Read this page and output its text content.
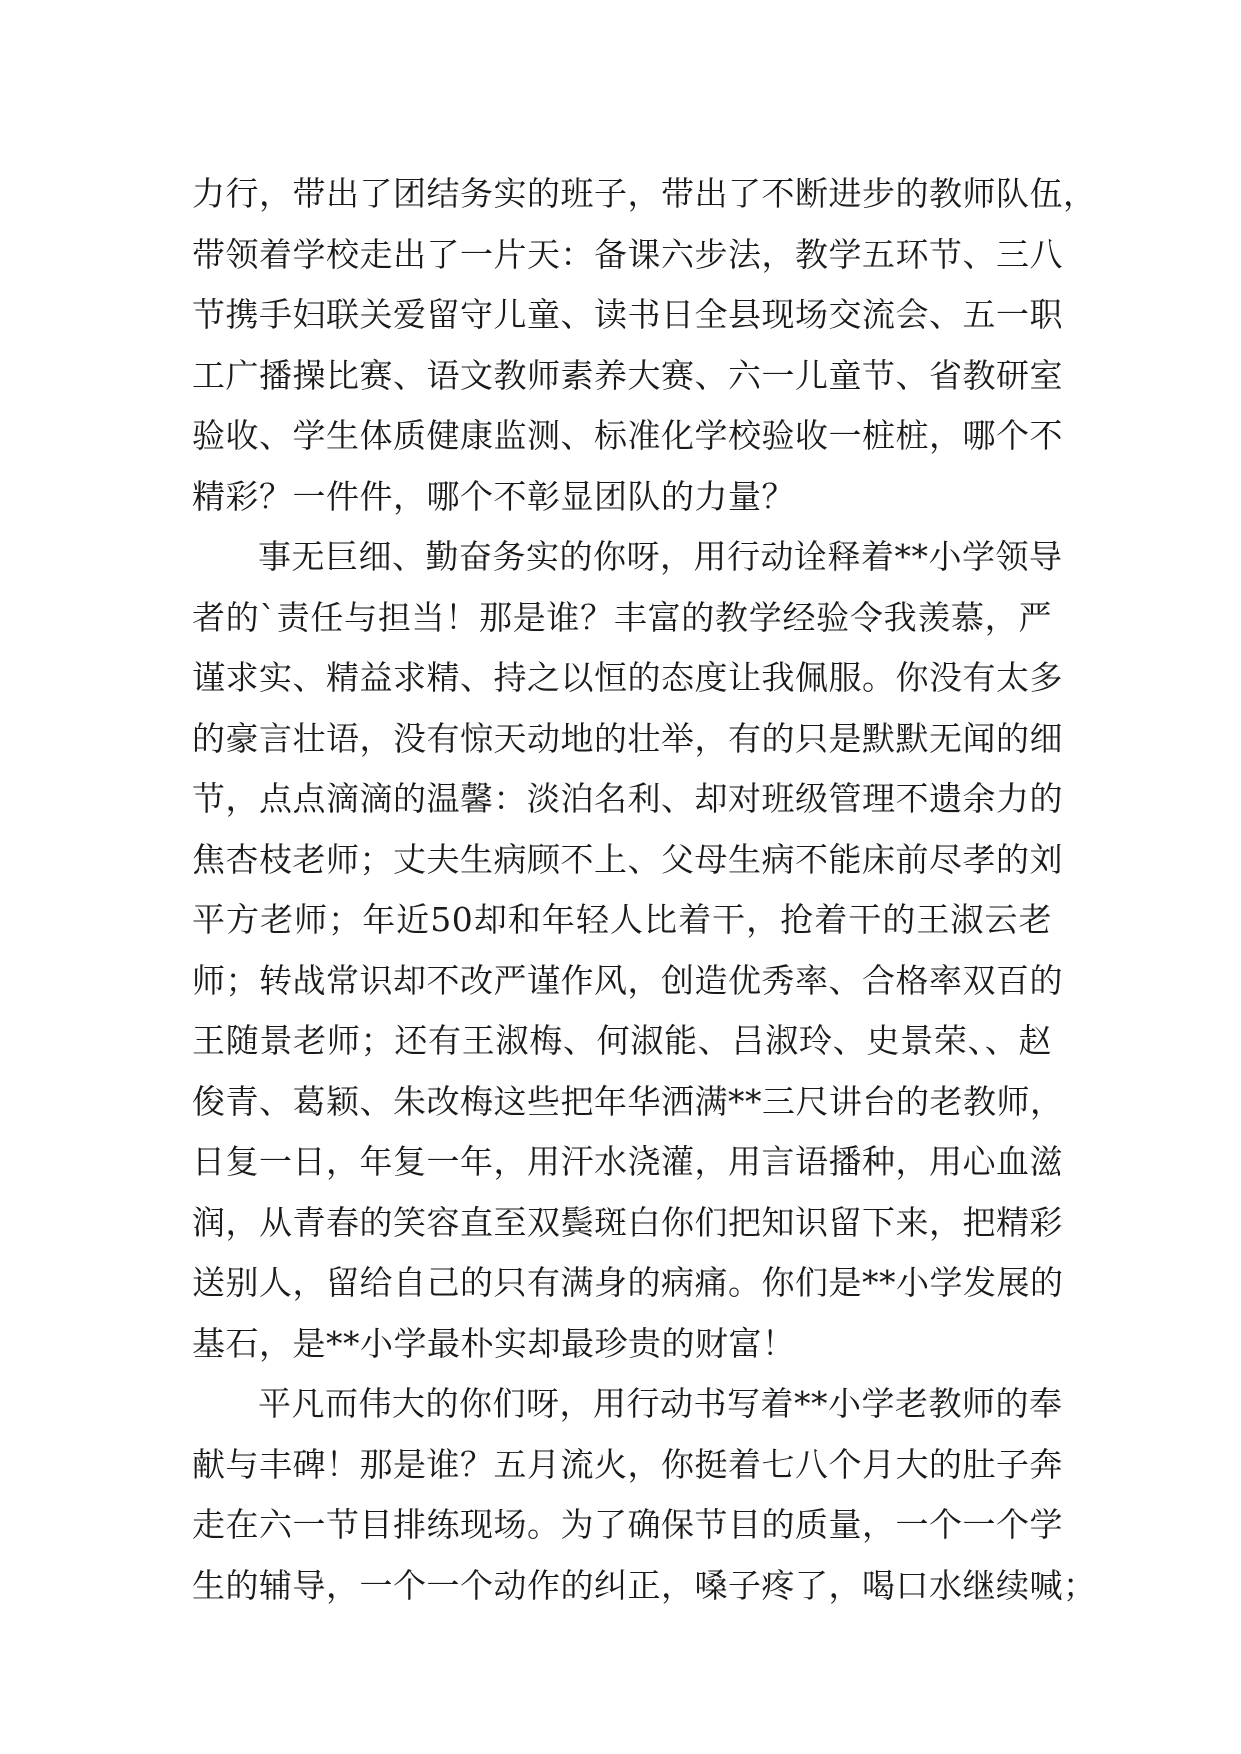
力行，带出了团结务实的班子，带出了不断进步的教师队伍，
带领着学校走出了一片天：备课六步法，教学五环节、三八
节携手妇联关爱留守儿童、读书日全县现场交流会、五一职
工广播操比赛、语文教师素养大赛、六一儿童节、省教研室
验收、学生体质健康监测、标准化学校验收一桩桩，哪个不
精彩？一件件，哪个不彰显团队的力量？
事无巨细、勤奋务实的你呀，用行动诠释着**小学领导
者的`责任与担当！那是谁？丰富的教学经验令我羡慕，严
谨求实、精益求精、持之以恒的态度让我佩服。你没有太多
的豪言壮语，没有惊天动地的壮举，有的只是默默无闻的细
节，点点滴滴的温馨：淡泊名利、却对班级管理不遗余力的
焦杏枝老师；丈夫生病顾不上、父母生病不能床前尽孝的刘
平方老师；年近50却和年轻人比着干，抢着干的王淑云老
师；转战常识却不改严谨作风，创造优秀率、合格率双百的
王随景老师；还有王淑梅、何淑能、吕淑玲、史景荣、、赵
俊青、葛颖、朱改梅这些把年华洒满**三尺讲台的老教师，
日复一日，年复一年，用汗水浇灌，用言语播种，用心血滋
润，从青春的笑容直至双鬓斑白你们把知识留下来，把精彩
送别人，留给自己的只有满身的病痛。你们是**小学发展的
基石，是**小学最朴实却最珍贵的财富！
平凡而伟大的你们呀，用行动书写着**小学老教师的奉
献与丰碑！那是谁？五月流火，你挺着七八个月大的肚子奔
走在六一节目排练现场。为了确保节目的质量，一个一个学
生的辅导，一个一个动作的纠正，嗓子疼了，喝口水继续喊；
